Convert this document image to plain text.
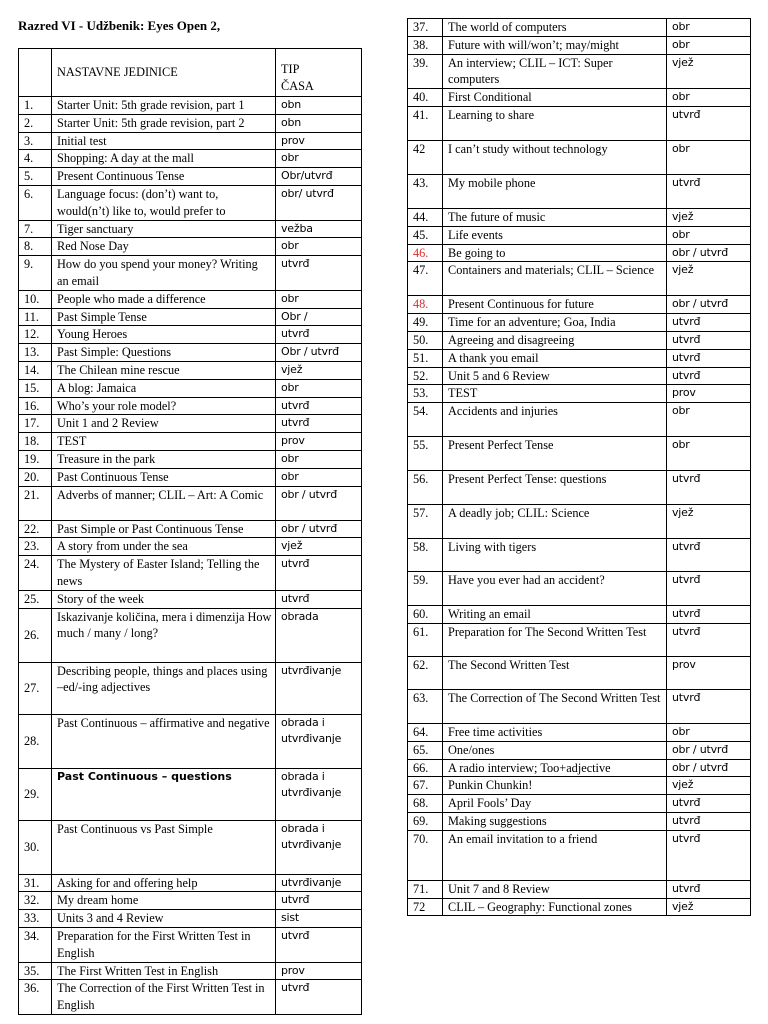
Razred VI - Udžbenik: Eyes Open 2,
	NASTAVNE JEDINICE	TIP
ČASA
1.	Starter Unit: 5th grade revision, part 1	obn
2.	Starter Unit: 5th grade revision, part 2	obn
3.	Initial test	prov
4.	Shopping: A day at the mall	obr
5.	Present Continuous Tense	Obr/utvrđ
6.	Language focus: (don’t) want to, would(n’t) like to, would prefer to	obr/ utvrđ
7.	Tiger sanctuary	vežba
8.	Red Nose Day	obr
9.	How do you spend your money? Writing an email	utvrđ
10.	People who made a difference	obr
11.	Past Simple Tense	Obr /
12.	Young Heroes	utvrđ
13.	Past Simple: Questions	Obr / utvrđ
14.	The Chilean mine rescue	vjež
15.	A blog: Jamaica	obr
16.	Who’s your role model?	utvrđ
17.	Unit 1 and 2 Review	utvrđ
18.	TEST	prov
19.	Treasure in the park	obr
20.	Past Continuous Tense	obr
21.	Adverbs of manner; CLIL – Art: A Comic	obr / utvrđ
22.	Past Simple or Past Continuous Tense	obr / utvrđ
23.	A story from under the sea	vjež
24.	The Mystery of Easter Island; Telling the news	utvrđ
25.	Story of the week	utvrđ
26.	Iskazivanje količina, mera i dimenzija How much / many / long?	obrada
27.	Describing people, things and places using –ed/-ing adjectives	utvrđivanje
28.	Past Continuous – affirmative and negative	obrada i utvrđivanje
29.	Past Continuous – questions	obrada i utvrđivanje
30.	Past Continuous vs Past Simple	obrada i utvrđivanje
31.	Asking for and offering help	utvrđivanje
32.	My dream home	utvrđ
33.	Units 3 and 4 Review	sist
34.	Preparation for the First Written Test in English	utvrđ
35.	The First Written Test in English	prov
36.	The Correction of the First Written Test in English	utvrđ
37.	The world of computers	obr
38.	Future with will/won’t; may/might	obr
39.	An interview; CLIL – ICT: Super computers	vjež
40.	First Conditional	obr
41.	Learning to share	utvrđ
42	I can’t study without technology	obr
43.	My mobile phone	utvrđ
44.	The future of music	vjež
45.	Life events	obr
46.	Be going to	obr / utvrđ
47.	Containers and materials; CLIL – Science	vjež
48.	Present Continuous for future	obr / utvrđ
49.	Time for an adventure; Goa, India	utvrđ
50.	Agreeing and disagreeing	utvrđ
51.	A thank you email	utvrđ
52.	Unit 5 and 6 Review	utvrđ
53.	TEST	prov
54.	Accidents and injuries	obr
55.	Present Perfect Tense	obr
56.	Present Perfect Tense: questions	utvrđ
57.	A deadly job; CLIL: Science	vjež
58.	Living with tigers	utvrđ
59.	Have you ever had an accident?	utvrđ
60.	Writing an email	utvrđ
61.	Preparation for The Second Written Test	utvrđ
62.	The Second Written Test	prov
63.	The Correction of The Second Written Test	utvrđ
64.	Free time activities	obr
65.	One/ones	obr / utvrđ
66.	A radio interview; Too+adjective	obr / utvrđ
67.	Punkin Chunkin!	vjež
68.	April Fools’ Day	utvrđ
69.	Making suggestions	utvrđ
70.	An email invitation to a friend	utvrđ
71.	Unit 7 and 8 Review	utvrđ
72	CLIL – Geography: Functional zones	vjež
